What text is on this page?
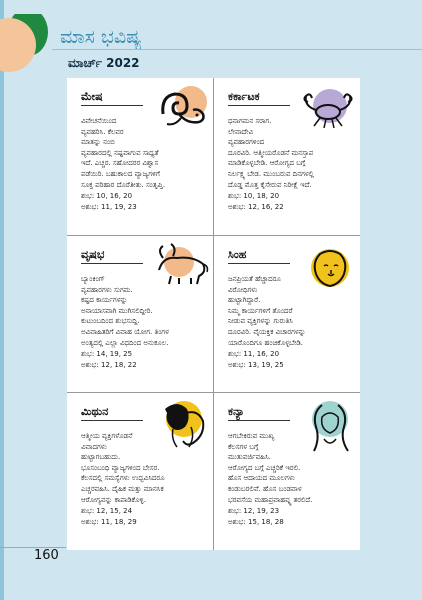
ಮಾಸ ಭವಿಷ್ಯ
ಮಾರ್ಚ್ 2022
ಮೇಷ
ವಿವೇಚನೆಯಿಂದ
ವ್ಯವಹರಿಸಿ. ಕೆಲವರ
ಮಾತನ್ನು ನಂಬಿ
ವ್ಯವಹಾರದಲ್ಲಿ ನಷ್ಟವಾಗುವ ಸಾಧ್ಯತೆ
ಇದೆ. ಎಚ್ಚರ. ಸಹೋದರರ ವಿಶ್ವಾಸ
ಪಡೆಯಿರಿ. ಬಹುಕಾಲದ ವ್ಯಾಜ್ಯಗಳಿಗೆ
ಸೂಕ್ತ ಪರಿಹಾರ ದೊರೆತೀತು. ಸಂತೃಪ್ತಿ.
ಶುಭ: 10, 16, 20
ಅಶುಭ: 11, 19, 23
ಕರ್ಕಾಟಕ
ಧನಾಗಮನ ಸರಾಗ.
ಲೇವಾದೇವಿ
ವ್ಯವಹಾರಗಳಿಂದ
ದೂರವಿರಿ. ಆತ್ಮೀಯರೊಡನೆ ಮನಸ್ತಾಪ
ಮಾಡಿಕೊಳ್ಳಬೇಡಿ. ಆರೋಗ್ಯದ ಬಗ್ಗೆ
ನಿರ್ಲಕ್ಷ್ಯ ಬೇಡ. ಮುಂಬರುವ ದಿನಗಳಲ್ಲಿ
ದೊಡ್ಡ ಮೊತ್ತ ಕೈಸೇರುವ ನಿರೀಕ್ಷೆ ಇದೆ.
ಶುಭ: 10, 18, 20
ಅಶುಭ: 12, 16, 22
ವೃಷಭ
ಬ್ಯಾಂಕಿಂಗ್
ವ್ಯವಹಾರಗಳು ಸುಗಮ.
ಕಷ್ಟದ ಕಾರ್ಯಗಳನ್ನು
ಅನಾಯಾಸವಾಗಿ ಮುಗಿಸಲಿದ್ದೀರಿ.
ಕುಟುಂಬದಿಂದ ಶುಭಸುದ್ದಿ.
ಅವಿವಾಹಿತರಿಗೆ ವಿವಾಹ ಯೋಗ. ತಿಂಗಳ
ಅಂತ್ಯದಲ್ಲಿ ಎಲ್ಲಾ ವಿಧದಿಂದ ಅನುಕೂಲ.
ಶುಭ: 14, 19, 25
ಅಶುಭ: 12, 18, 22
ಸಿಂಹ
ಜನಪ್ರಿಯತೆ ಹೆಚ್ಚಾದರೂ
ವಿರೋಧಿಗಳು
ಹುಟ್ಟಾಗಿದ್ದಾರೆ.
ನಿಮ್ಮ ಕಾರ್ಯಗಳಿಗೆ ತೊಂದರೆ
ನೀಡುವ ವ್ಯಕ್ತಿಗಳನ್ನು ಗುರುತಿಸಿ
ದೂರವಿರಿ. ವೈಯಕ್ತಿಕ ವಿಚಾರಗಳನ್ನು
ಯಾರೊಂದಿಗೂ ಹಂಚಿಕೊಳ್ಳಬೇಡಿ.
ಶುಭ: 11, 16, 20
ಅಶುಭ: 13, 19, 25
ಮಿಥುನ
ಆತ್ಮೀಯ ವ್ಯಕ್ತಿಗಳೊಡನೆ
ವಿವಾದಗಳು
ಹುಟ್ಟಾಗಬಹುದು.
ಭೂಸಂಬಂಧಿ ವ್ಯಾಜ್ಯಗಳಿಂದ ಬೇಸರ.
ಕೆಲಸದಲ್ಲಿ ಸಮಸ್ಯೆಗಳು ಉದ್ಭವಿಸಿದರೂ
ಎಚ್ಚರವಹಿಸಿ. ದೈಹಿಕ ಮತ್ತು ಮಾನಸಿಕ
ಆರೋಗ್ಯವನ್ನು ಕಾಪಾಡಿಕೊಳ್ಳಿ.
ಶುಭ: 12, 15, 24
ಅಶುಭ: 11, 18, 29
ಕನ್ಯಾ
ಆಗಬೇಕಿರುವ ಮುಖ್ಯ
ಕೆಲಸಗಳ ಬಗ್ಗೆ
ಮುತುವರ್ಜಿವಹಿಸಿ.
ಆರೋಗ್ಯದ ಬಗ್ಗೆ ಎಚ್ಚರಿಕೆ ಇರಲಿ.
ಹೊಸ ಆದಾಯದ ಮೂಲಗಳು
ಕಂಡುಬರಲಿವೆ. ಹೊಸ ಬಂಡವಾಳ
ಭರವಸೆಯ ಮಹಾಪ್ರವಾಹವ್ನ್ನ ತರಲಿದೆ.
ಶುಭ: 12, 19, 23
ಅಶುಭ: 15, 18, 28
160
